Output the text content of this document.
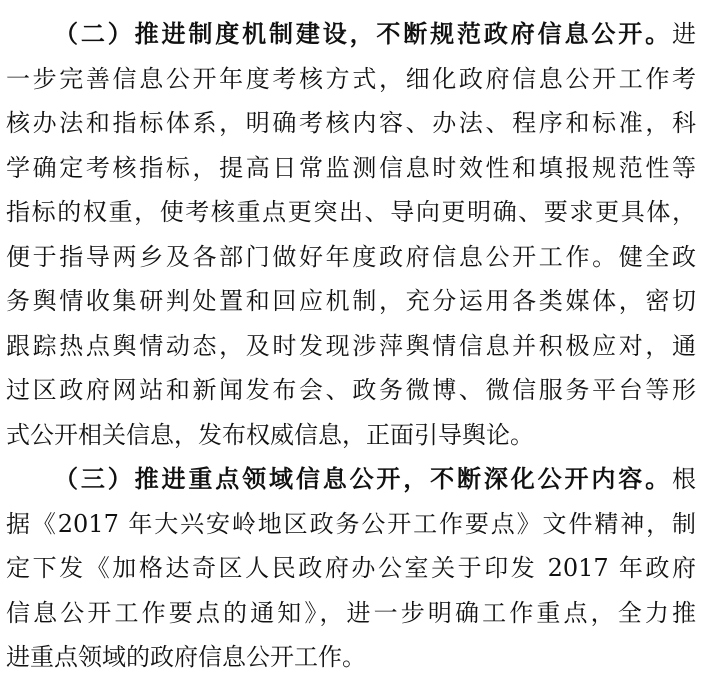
（二）推进制度机制建设，不断规范政府信息公开。进
一步完善信息公开年度考核方式，细化政府信息公开工作考
核办法和指标体系，明确考核内容、办法、程序和标准，科
学确定考核指标，提高日常监测信息时效性和填报规范性等
指标的权重，使考核重点更突出、导向更明确、要求更具体，
便于指导两乡及各部门做好年度政府信息公开工作。健全政
务舆情收集研判处置和回应机制，充分运用各类媒体，密切
跟踪热点舆情动态，及时发现涉萍舆情信息并积极应对，通
过区政府网站和新闻发布会、政务微博、微信服务平台等形
式公开相关信息，发布权威信息，正面引导舆论。
（三）推进重点领域信息公开，不断深化公开内容。根
据《2017 年大兴安岭地区政务公开工作要点》文件精神，制
定下发《加格达奇区人民政府办公室关于印发 2017 年政府
信息公开工作要点的通知》，进一步明确工作重点，全力推
进重点领域的政府信息公开工作。
